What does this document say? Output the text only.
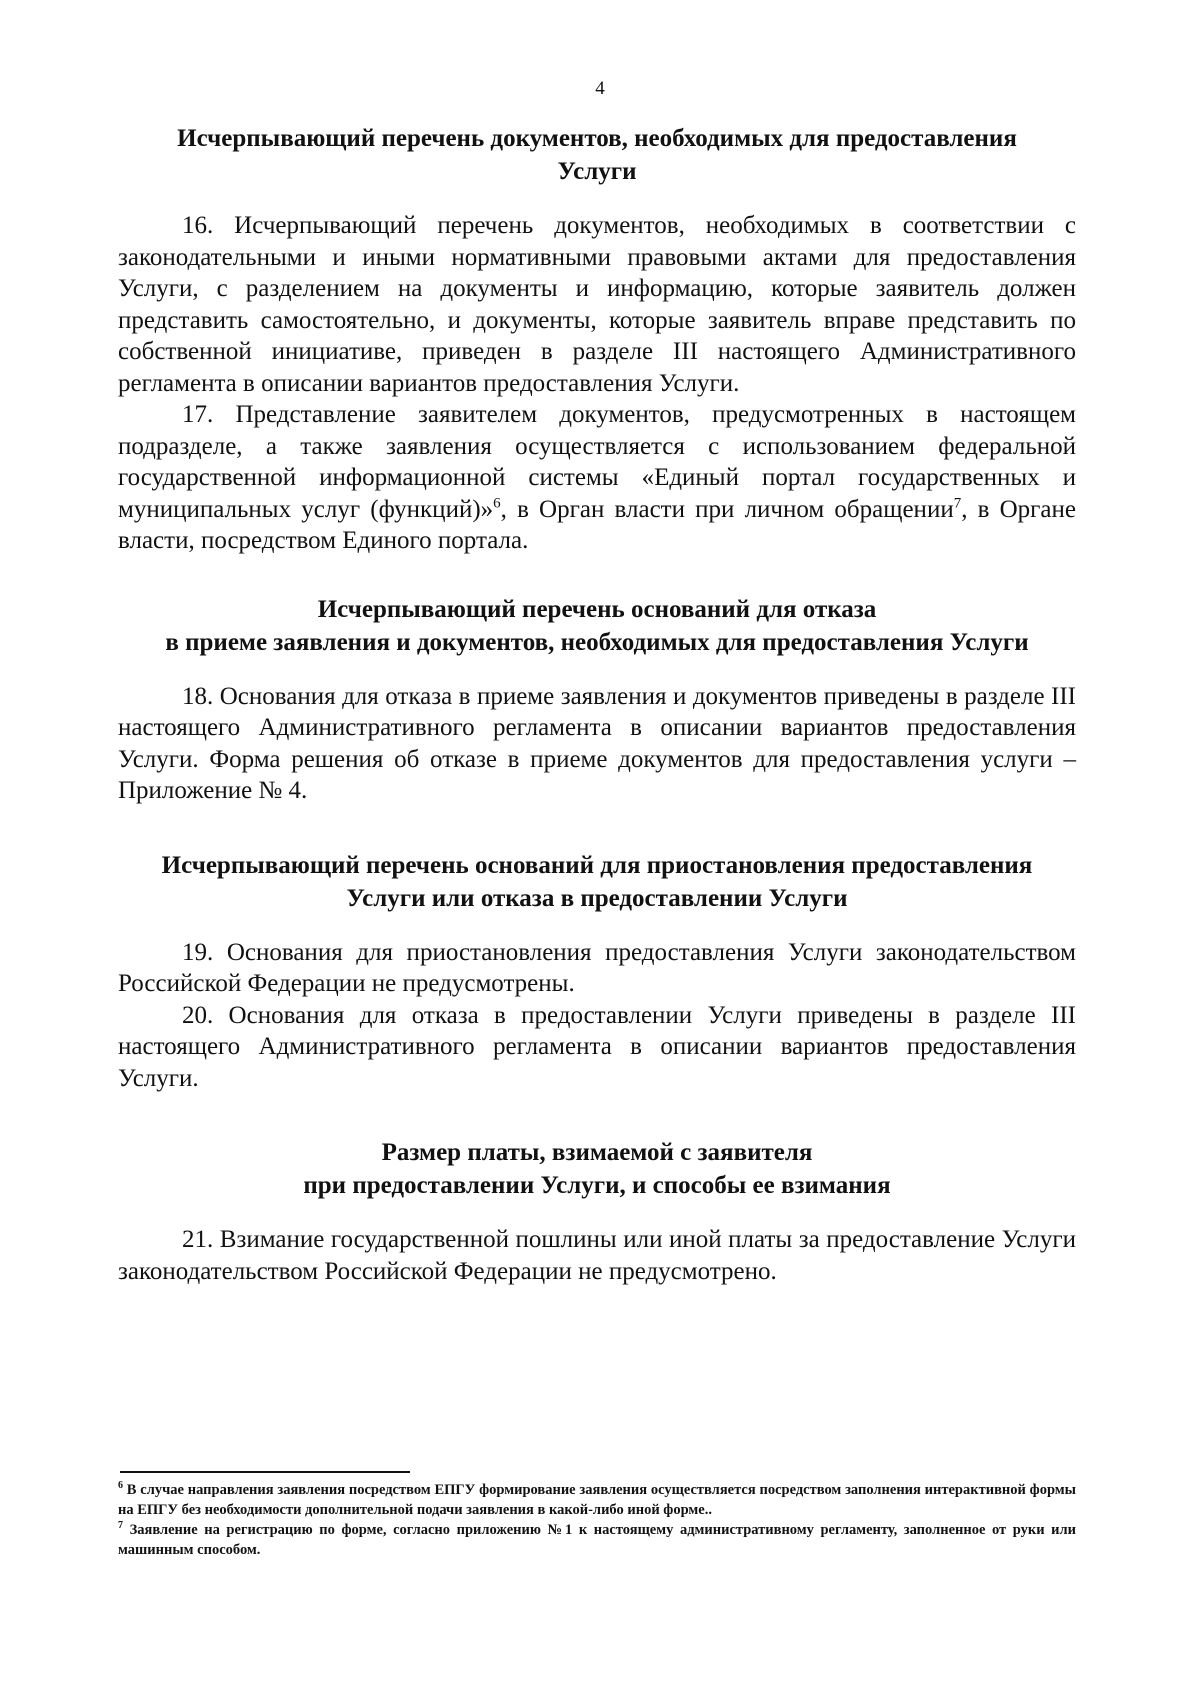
4
Исчерпывающий перечень документов, необходимых для предоставления
Услуги

16. Исчерпывающий перечень документов, необходимых в соответствии с законодательными и иными нормативными правовыми актами для предоставления Услуги, с разделением на документы и информацию, которые заявитель должен представить самостоятельно, и документы, которые заявитель вправе представить по собственной инициативе, приведен в разделе III настоящего Административного регламента в описании вариантов предоставления Услуги.

17. Представление заявителем документов, предусмотренных в настоящем подразделе, а также заявления осуществляется с использованием федеральной государственной информационной системы «Единый портал государственных и муниципальных услуг (функций)»$^6$, в Орган власти при личном обращении$^7$, в Органе власти, посредством Единого портала.

Исчерпывающий перечень оснований для отказа
в приеме заявления и документов, необходимых для предоставления Услуги

18. Основания для отказа в приеме заявления и документов приведены в разделе III настоящего Административного регламента в описании вариантов предоставления Услуги. Форма решения об отказе в приеме документов для предоставления услуги – Приложение № 4.

Исчерпывающий перечень оснований для приостановления предоставления
Услуги или отказа в предоставлении Услуги

19. Основания для приостановления предоставления Услуги законодательством Российской Федерации не предусмотрены.

20. Основания для отказа в предоставлении Услуги приведены в разделе III настоящего Административного регламента в описании вариантов предоставления Услуги.

Размер платы, взимаемой с заявителя
при предоставлении Услуги, и способы ее взимания

21. Взимание государственной пошлины или иной платы за предоставление Услуги законодательством Российской Федерации не предусмотрено.

$^6$ В случае направления заявления посредством ЕПГУ формирование заявления осуществляется посредством заполнения интерактивной формы на ЕПГУ без необходимости дополнительной подачи заявления в какой-либо иной форме..

$^7$ Заявление на регистрацию по форме, согласно приложению №1 к настоящему административному регламенту, заполненное от руки или машинным способом.
